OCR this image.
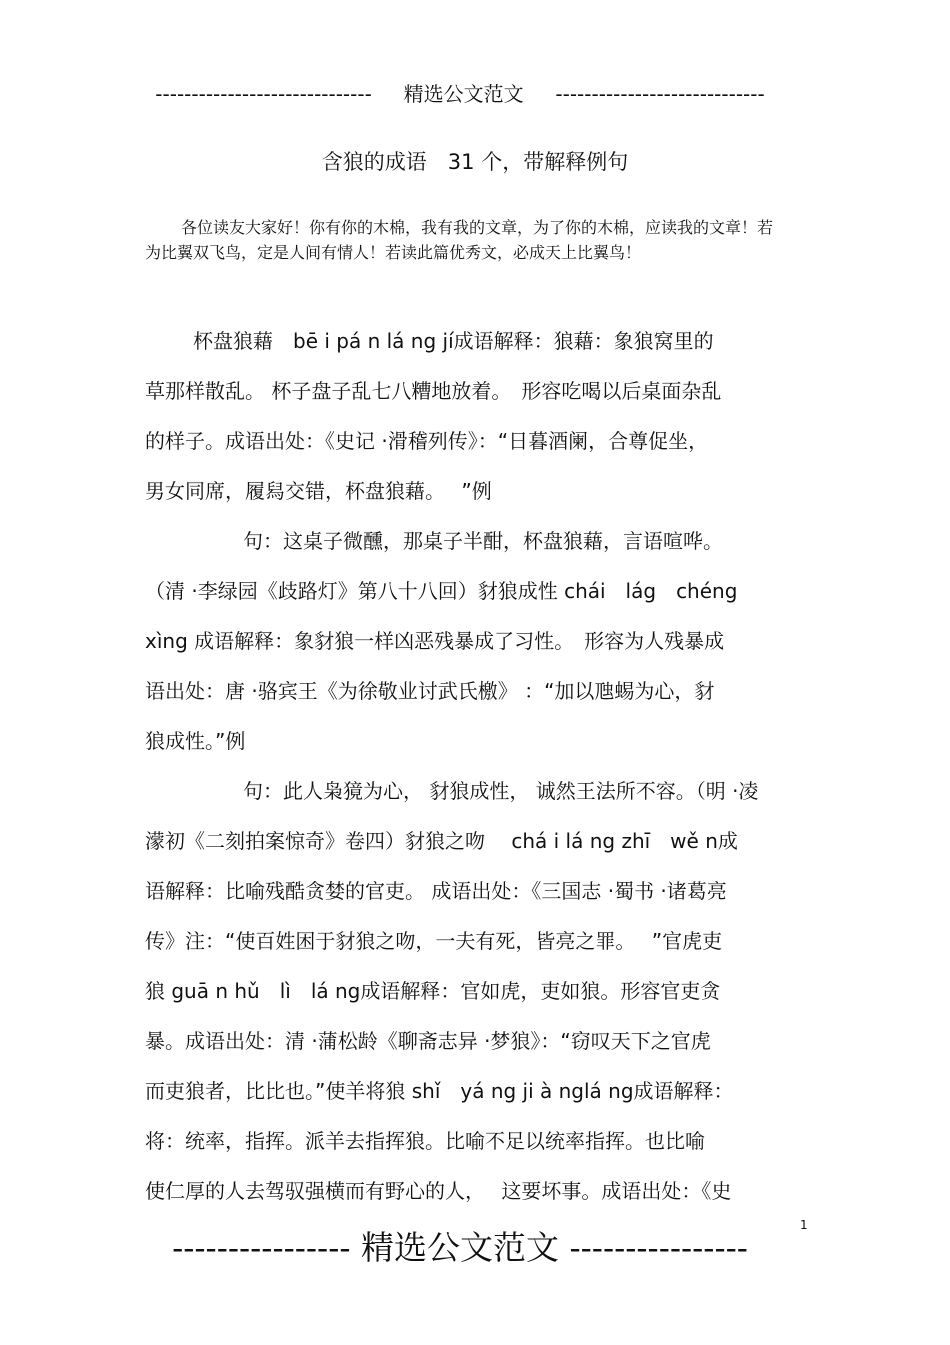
------------------------------ 精选公文范文 -----------------------------
含狼的成语　31 个，带解释例句
各位读友大家好！你有你的木棉，我有我的文章，为了你的木棉，应读我的文章！若为比翼双飞鸟，定是人间有情人！若读此篇优秀文，必成天上比翼鸟！
杯盘狼藉　bē i pá n lá ng jí成语解释：狼藉：象狼窝里的
草那样散乱。 杯子盘子乱七八糟地放着。　形容吃喝以后桌面杂乱
的样子。成语出处：《史记 ·滑稽列传》：“日暮酒阑，合尊促坐，
男女同席，履舄交错，杯盘狼藉。　 ”例
句：这桌子微醺，那桌子半酣，杯盘狼藉，言语喧哗。
（清 ·李绿园《歧路灯》第八十八回）豺狼成性 chái　lág　chéng
xìng 成语解释：象豺狼一样凶恶残暴成了习性。　形容为人残暴成
语出处：唐 ·骆宾王《为徐敬业讨武氏檄》 ：“加以虺蜴为心，豺
狼成性。”例
句：此人枭獍为心， 豺狼成性， 诚然王法所不容。（明 ·凌
濛初《二刻拍案惊奇》卷四）豺狼之吻　 chá i lá ng zhī　wě n成
语解释：比喻残酷贪婪的官吏。 成语出处：《三国志 ·蜀书 ·诸葛亮
传》注：“使百姓困于豺狼之吻，一夫有死，皆亮之罪。　 ”官虎吏
狼 guā n hǔ　lì　lá ng成语解释：官如虎，吏如狼。形容官吏贪
暴。成语出处：清 ·蒲松龄《聊斋志异 ·梦狼》：“窃叹天下之官虎
而吏狼者，比比也。”使羊将狼 shǐ　yá ng ji à nglá ng成语解释：
将：统率，指挥。派羊去指挥狼。比喻不足以统率指挥。也比喻
使仁厚的人去驾驭强横而有野心的人，　 这要坏事。成语出处：《史
1
---------------- 精选公文范文 ----------------
